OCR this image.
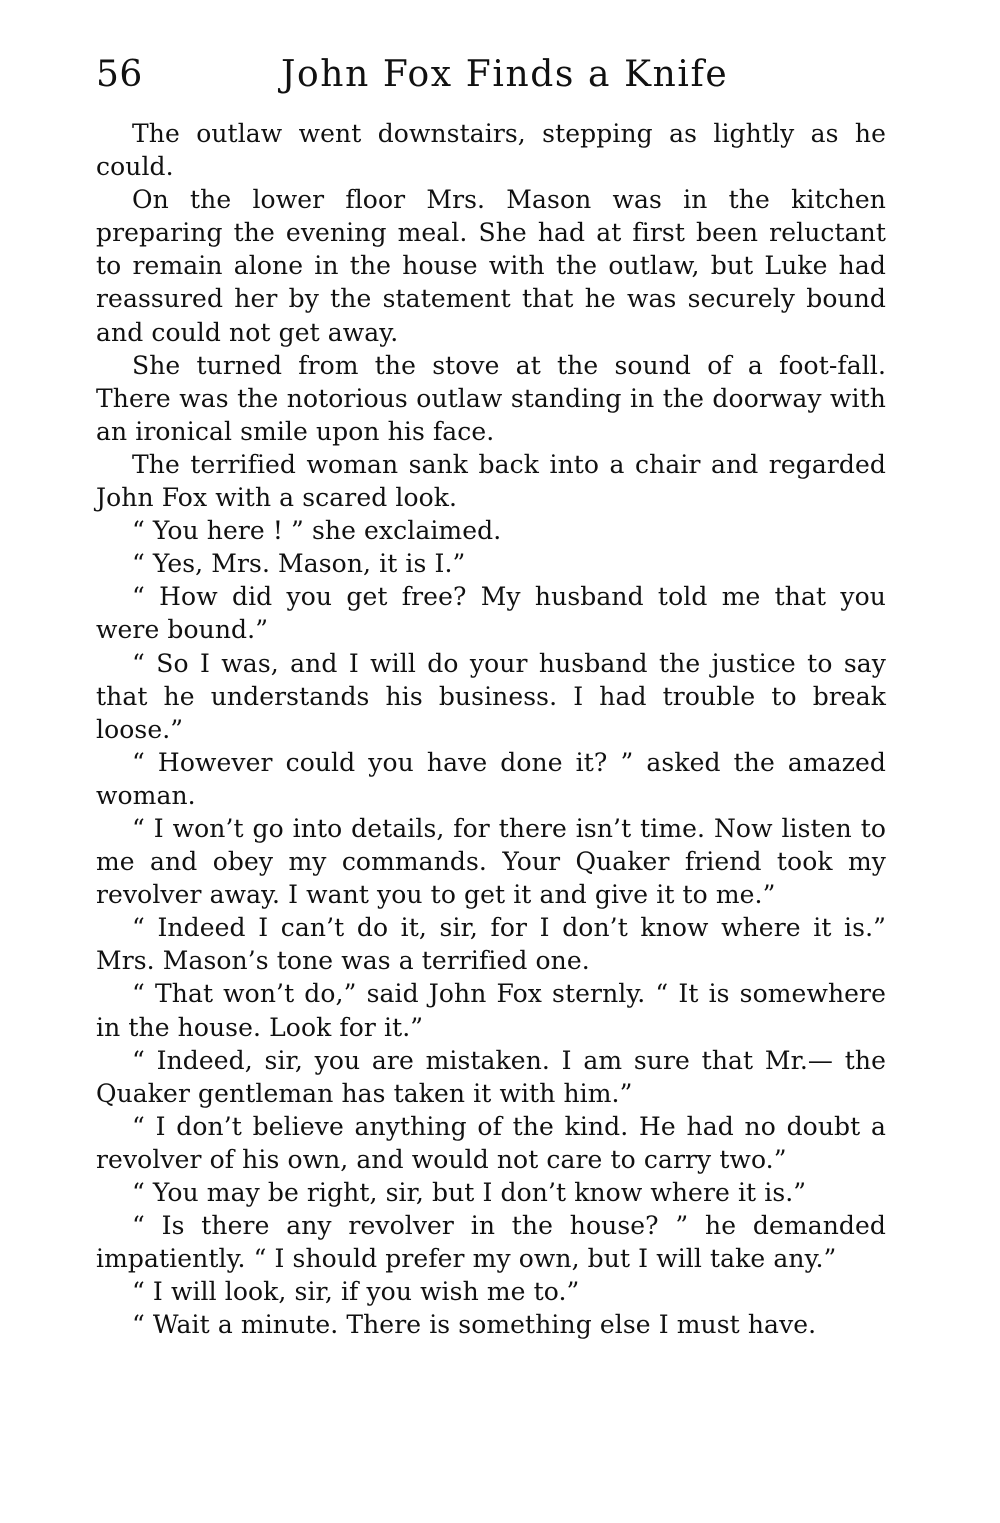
56	John Fox Finds a Knife

The outlaw went downstairs, stepping as lightly as he could.

On the lower floor Mrs. Mason was in the kitchen preparing the evening meal. She had at first been reluctant to remain alone in the house with the outlaw, but Luke had reassured her by the statement that he was securely bound and could not get away.

She turned from the stove at the sound of a foot-fall. There was the notorious outlaw standing in the doorway with an ironical smile upon his face.

The terrified woman sank back into a chair and regarded John Fox with a scared look.

“ You here ! ” she exclaimed.

“ Yes, Mrs. Mason, it is I.”

“ How did you get free? My husband told me that you were bound.”

“ So I was, and I will do your husband the justice to say that he understands his business. I had trouble to break loose.”

“ However could you have done it? ” asked the amazed woman.

“ I won’t go into details, for there isn’t time. Now listen to me and obey my commands. Your Quaker friend took my revolver away. I want you to get it and give it to me.”

“ Indeed I can’t do it, sir, for I don’t know where it is.” Mrs. Mason’s tone was a terrified one.

“ That won’t do,” said John Fox sternly. “ It is somewhere in the house. Look for it.”

“ Indeed, sir, you are mistaken. I am sure that Mr.— the Quaker gentleman has taken it with him.”

“ I don’t believe anything of the kind. He had no doubt a revolver of his own, and would not care to carry two.”

“ You may be right, sir, but I don’t know where it is.”

“ Is there any revolver in the house? ” he demanded impatiently. “ I should prefer my own, but I will take any.”

“ I will look, sir, if you wish me to.”

“ Wait a minute. There is something else I must have.
